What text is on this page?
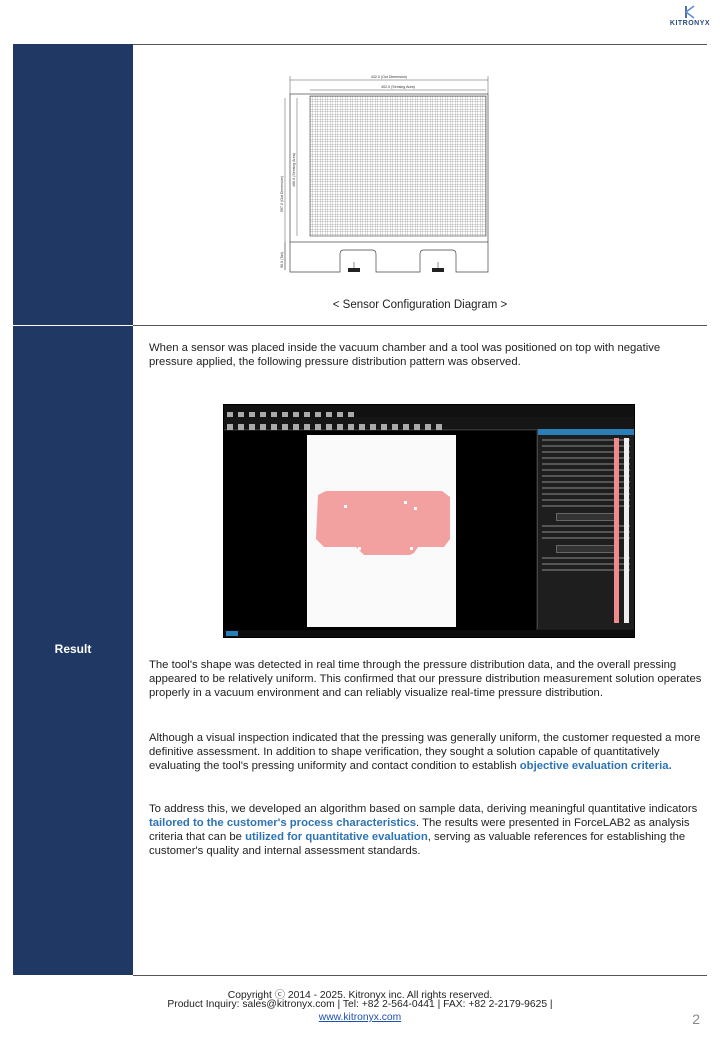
KITRONYX
Result
432.0 (Out Dimension)
402.0 (Sensing Area)
597.0 (Out Dimension)
466.0 (Sensing Area)
96.0 (Tail)
< Sensor Configuration Diagram >
When a sensor was placed inside the vacuum chamber and a tool was positioned on top with negative pressure applied, the following pressure distribution pattern was observed.
The tool's shape was detected in real time through the pressure distribution data, and the overall pressing appeared to be relatively uniform. This confirmed that our pressure distribution measurement solution operates properly in a vacuum environment and can reliably visualize real-time pressure distribution.
Although a visual inspection indicated that the pressing was generally uniform, the customer requested a more definitive assessment. In addition to shape verification, they sought a solution capable of quantitatively evaluating the tool's pressing uniformity and contact condition to establish objective evaluation criteria.
To address this, we developed an algorithm based on sample data, deriving meaningful quantitative indicators tailored to the customer's process characteristics. The results were presented in ForceLAB2 as analysis criteria that can be utilized for quantitative evaluation, serving as valuable references for establishing the customer's quality and internal assessment standards.
Copyright ⓒ 2014 - 2025. Kitronyx inc. All rights reserved.
Product Inquiry: sales@kitronyx.com | Tel: +82 2-564-0441 | FAX: +82 2-2179-9625 |
www.kitronyx.com	2
